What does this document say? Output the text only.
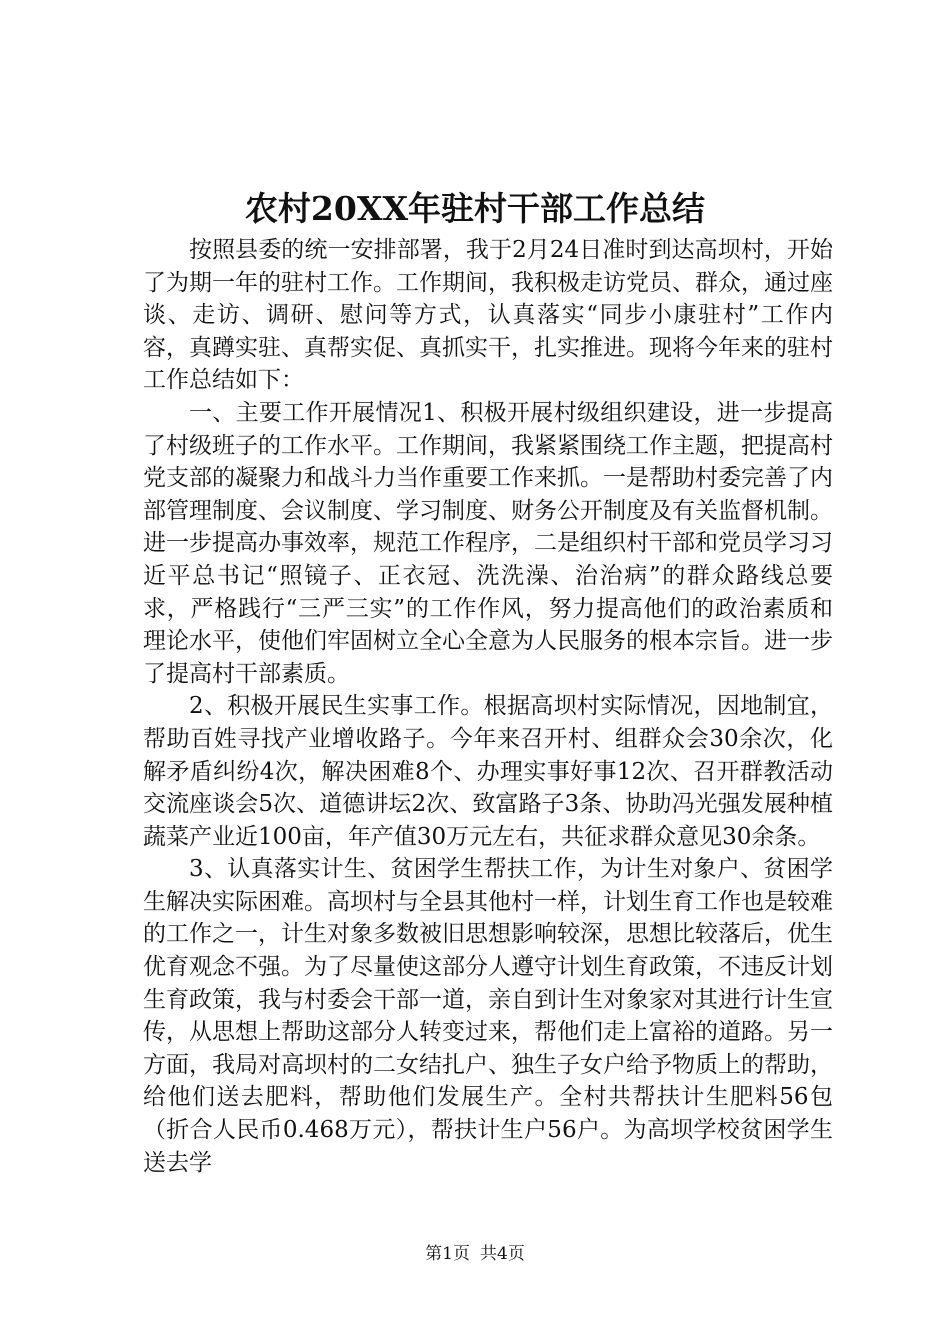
农村20XX年驻村干部工作总结

按照县委的统一安排部署，我于2月24日准时到达高坝村，开始了为期一年的驻村工作。工作期间，我积极走访党员、群众，通过座谈、走访、调研、慰问等方式，认真落实“同步小康驻村”工作内容，真蹲实驻、真帮实促、真抓实干，扎实推进。现将今年来的驻村工作总结如下：

一、主要工作开展情况1、积极开展村级组织建设，进一步提高了村级班子的工作水平。工作期间，我紧紧围绕工作主题，把提高村党支部的凝聚力和战斗力当作重要工作来抓。一是帮助村委完善了内部管理制度、会议制度、学习制度、财务公开制度及有关监督机制。进一步提高办事效率，规范工作程序，二是组织村干部和党员学习习近平总书记“照镜子、正衣冠、洗洗澡、治治病”的群众路线总要求，严格践行“三严三实”的工作作风，努力提高他们的政治素质和理论水平，使他们牢固树立全心全意为人民服务的根本宗旨。进一步了提高村干部素质。

2、积极开展民生实事工作。根据高坝村实际情况，因地制宜，帮助百姓寻找产业增收路子。今年来召开村、组群众会30余次，化解矛盾纠纷4次，解决困难8个、办理实事好事12次、召开群教活动交流座谈会5次、道德讲坛2次、致富路子3条、协助冯光强发展种植蔬菜产业近100亩，年产值30万元左右，共征求群众意见30余条。

3、认真落实计生、贫困学生帮扶工作，为计生对象户、贫困学生解决实际困难。高坝村与全县其他村一样，计划生育工作也是较难的工作之一，计生对象多数被旧思想影响较深，思想比较落后，优生优育观念不强。为了尽量使这部分人遵守计划生育政策，不违反计划生育政策，我与村委会干部一道，亲自到计生对象家对其进行计生宣传，从思想上帮助这部分人转变过来，帮他们走上富裕的道路。另一方面，我局对高坝村的二女结扎户、独生子女户给予物质上的帮助，给他们送去肥料，帮助他们发展生产。全村共帮扶计生肥料56包（折合人民币0.468万元），帮扶计生户56户。为高坝学校贫困学生送去学

第1页 共4页
